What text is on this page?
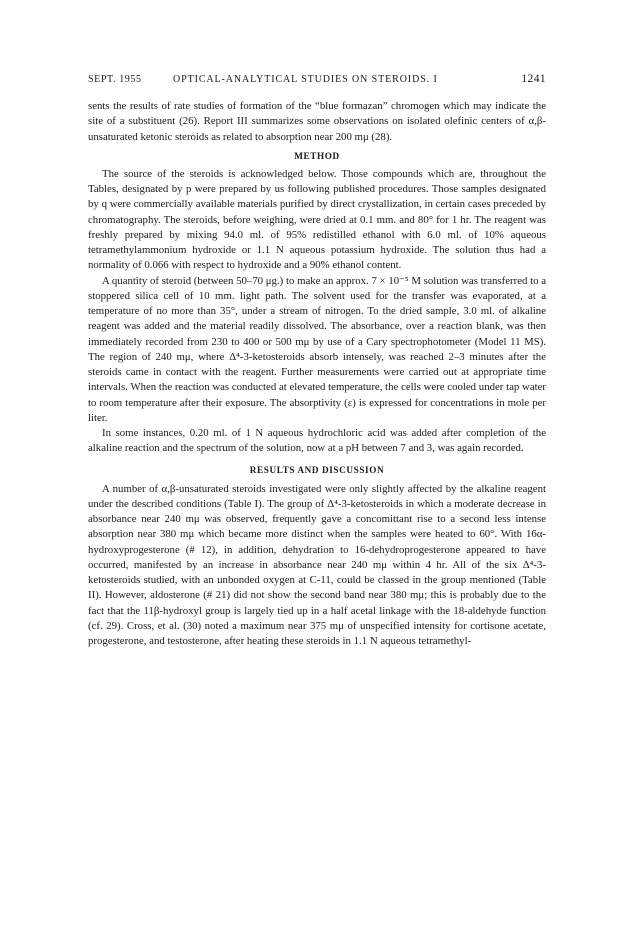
SEPT. 1955	OPTICAL-ANALYTICAL STUDIES ON STEROIDS. I	1241

sents the results of rate studies of formation of the “blue formazan” chromogen which may indicate the site of a substituent (26). Report III summarizes some observations on isolated olefinic centers of α,β-unsaturated ketonic steroids as related to absorption near 200 mμ (28).

METHOD

The source of the steroids is acknowledged below. Those compounds which are, throughout the Tables, designated by p were prepared by us following published procedures. Those samples designated by q were commercially available materials purified by direct crystallization, in certain cases preceded by chromatography. The steroids, before weighing, were dried at 0.1 mm. and 80° for 1 hr. The reagent was freshly prepared by mixing 94.0 ml. of 95% redistilled ethanol with 6.0 ml. of 10% aqueous tetramethylammonium hydroxide or 1.1 N aqueous potassium hydroxide. The solution thus had a normality of 0.066 with respect to hydroxide and a 90% ethanol content.

A quantity of steroid (between 50–70 μg.) to make an approx. 7 × 10⁻⁵ M solution was transferred to a stoppered silica cell of 10 mm. light path. The solvent used for the transfer was evaporated, at a temperature of no more than 35°, under a stream of nitrogen. To the dried sample, 3.0 ml. of alkaline reagent was added and the material readily dissolved. The absorbance, over a reaction blank, was then immediately recorded from 230 to 400 or 500 mμ by use of a Cary spectrophotometer (Model 11 MS). The region of 240 mμ, where Δ⁴-3-ketosteroids absorb intensely, was reached 2–3 minutes after the steroids came in contact with the reagent. Further measurements were carried out at appropriate time intervals. When the reaction was conducted at elevated temperature, the cells were cooled under tap water to room temperature after their exposure. The absorptivity (ε) is expressed for concentrations in mole per liter.

In some instances, 0.20 ml. of 1 N aqueous hydrochloric acid was added after completion of the alkaline reaction and the spectrum of the solution, now at a pH between 7 and 3, was again recorded.

RESULTS AND DISCUSSION

A number of α,β-unsaturated steroids investigated were only slightly affected by the alkaline reagent under the described conditions (Table I). The group of Δ⁴-3-ketosteroids in which a moderate decrease in absorbance near 240 mμ was observed, frequently gave a concomittant rise to a second less intense absorption near 380 mμ which became more distinct when the samples were heated to 60°. With 16α-hydroxyprogesterone (# 12), in addition, dehydration to 16-dehydroprogesterone appeared to have occurred, manifested by an increase in absorbance near 240 mμ within 4 hr. All of the six Δ⁴-3-ketosteroids studied, with an unbonded oxygen at C-11, could be classed in the group mentioned (Table II). However, aldosterone (# 21) did not show the second band near 380 mμ; this is probably due to the fact that the 11β-hydroxyl group is largely tied up in a half acetal linkage with the 18-aldehyde function (cf. 29). Cross, et al. (30) noted a maximum near 375 mμ of unspecified intensity for cortisone acetate, progesterone, and testosterone, after heating these steroids in 1.1 N aqueous tetramethyl-
